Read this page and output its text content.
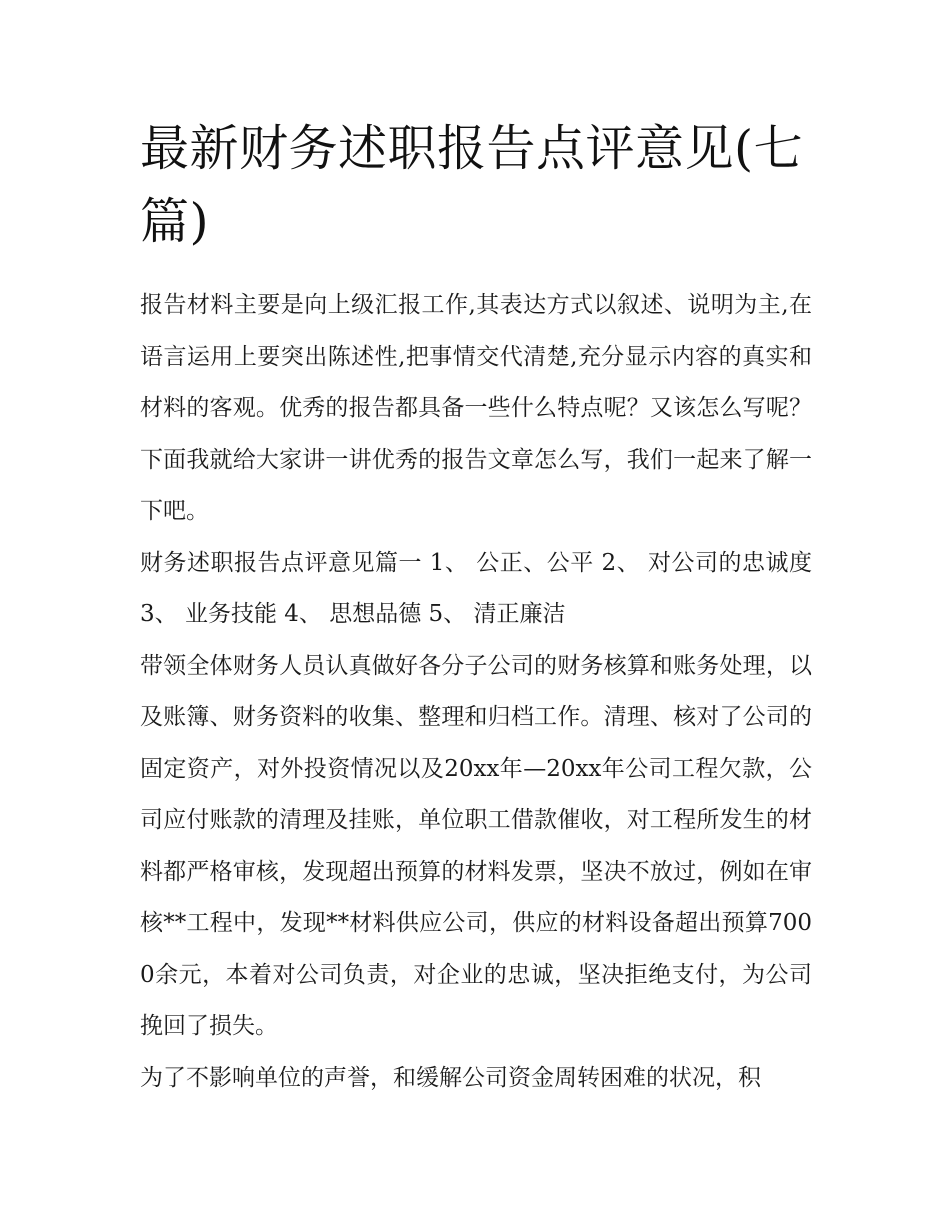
最新财务述职报告点评意见(七篇)

报告材料主要是向上级汇报工作,其表达方式以叙述、说明为主,在语言运用上要突出陈述性,把事情交代清楚,充分显示内容的真实和材料的客观。优秀的报告都具备一些什么特点呢？又该怎么写呢？下面我就给大家讲一讲优秀的报告文章怎么写，我们一起来了解一下吧。

财务述职报告点评意见篇一 1、 公正、公平 2、 对公司的忠诚度 3、 业务技能 4、 思想品德 5、 清正廉洁

带领全体财务人员认真做好各分子公司的财务核算和账务处理，以及账簿、财务资料的收集、整理和归档工作。清理、核对了公司的固定资产，对外投资情况以及20xx年—20xx年公司工程欠款，公司应付账款的清理及挂账，单位职工借款催收，对工程所发生的材料都严格审核，发现超出预算的材料发票，坚决不放过，例如在审核**工程中，发现**材料供应公司，供应的材料设备超出预算7000余元，本着对公司负责，对企业的忠诚，坚决拒绝支付，为公司挽回了损失。

为了不影响单位的声誉，和缓解公司资金周转困难的状况，积
